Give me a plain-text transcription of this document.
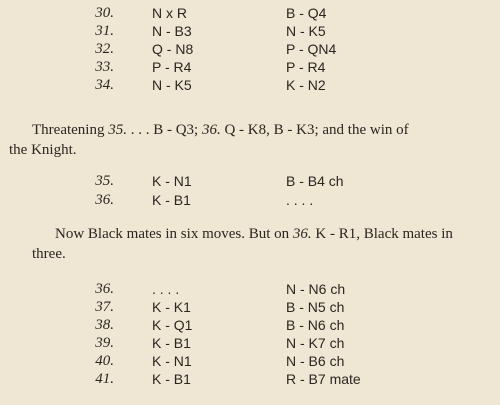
30.	N x R	B - Q4
31.	N - B3	N - K5
32.	Q - N8	P - QN4
33.	P - R4	P - R4
34.	N - K5	K - N2
Threatening 35. . . . B - Q3; 36. Q - K8, B - K3; and the win of
the Knight.
35.	K - N1	B - B4 ch
36.	K - B1	. . . .
Now Black mates in six moves. But on 36. K - R1, Black mates in
three.
36.	. . . .	N - N6 ch
37.	K - K1	B - N5 ch
38.	K - Q1	B - N6 ch
39.	K - B1	N - K7 ch
40.	K - N1	N - B6 ch
41.	K - B1	R - B7 mate
